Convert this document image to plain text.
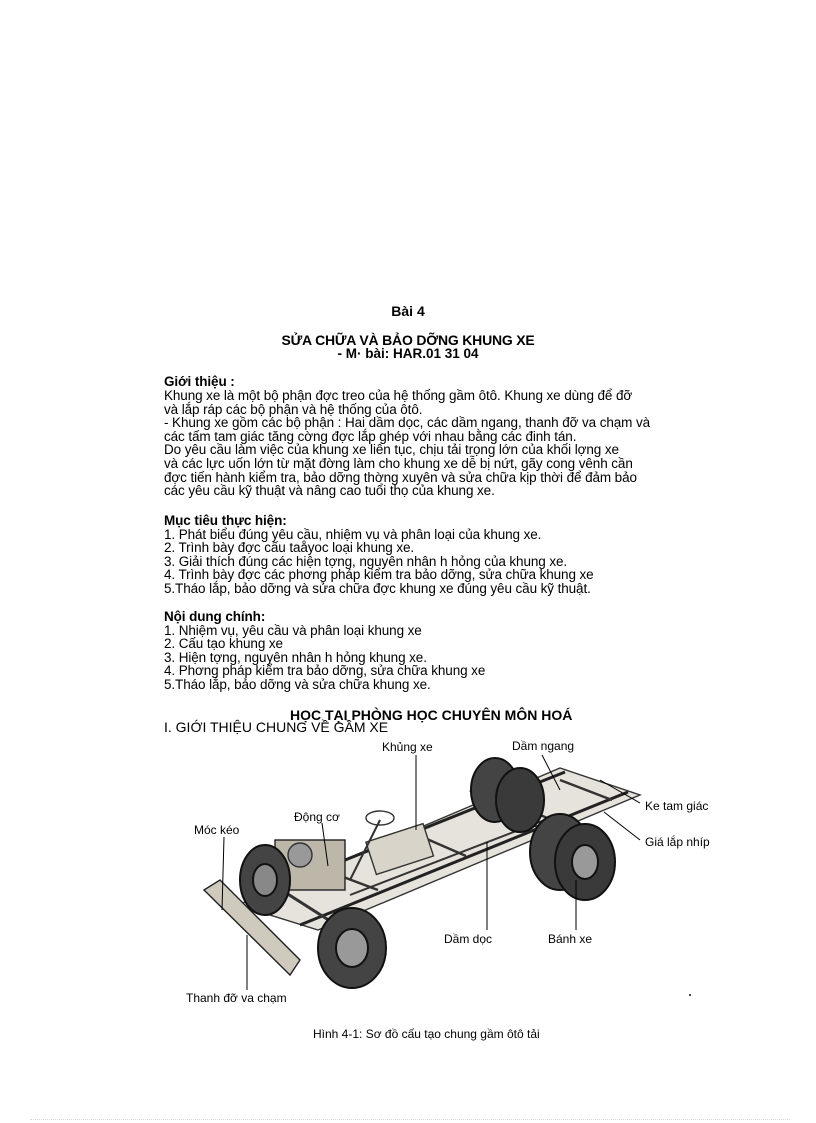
Bài 4
SỬA CHỮA VÀ BẢO DỠNG KHUNG XE
- M· bài: HAR.01 31 04
Giới thiệu :
Khung xe là một bộ phận đợc treo của hệ thống gầm ôtô. Khung xe dùng để đỡ
và lắp ráp các bộ phận và hệ thống của ôtô.
- Khung xe gồm các bộ phận : Hai dầm dọc, các dầm ngang, thanh đỡ va chạm và
các tấm tam giác tăng cờng đợc lắp ghép với nhau bằng các đinh tán.
Do yêu cầu làm việc của khung xe liên tục, chịu tải trọng lớn của khối lợng xe
và các lực uốn lớn từ mặt đờng làm cho khung xe dễ bị nứt, gãy cong vênh cần
đợc tiến hành kiểm tra, bảo dỡng thờng xuyên và sửa chữa kịp thời để đảm bảo
các yêu cầu kỹ thuật và nâng cao tuổi thọ của khung xe.
Mục tiêu thực hiện:
1. Phát biểu đúng yêu cầu, nhiệm vụ và phân loại của khung xe.
2. Trình bày đợc cấu taåyoc loại khung xe.
3. Giải thích đúng các hiện tợng, nguyên nhân h hỏng của khung xe.
4. Trình bày đợc các phơng pháp kiểm tra bảo dỡng, sửa chữa khung xe
5.Tháo lắp, bảo dỡng và sửa chữa đợc khung xe đúng yêu cầu kỹ thuật.
Nội dung chính:
1. Nhiệm vụ, yêu cầu và phân loại khung xe
2. Cấu tạo khung xe
3. Hiện tợng, nguyên nhân h hỏng khung xe.
4. Phơng pháp kiểm tra bảo dỡng, sửa chữa khung xe
5.Tháo lắp, bảo dỡng và sửa chữa khung xe.
HỌC TẠI PHÒNG HỌC CHUYÊN MÔN HOÁ
I. GIỚI THIỆU CHUNG VỀ GẦM XE
Khủng xe	Dầm ngang
Ke tam giác
Giá lắp nhíp
Động cơ
Móc kéo
Dầm dọc	Bánh xe
Thanh đỡ va chạm
Hình 4-1: Sơ đồ cấu tạo chung gầm ôtô tải
